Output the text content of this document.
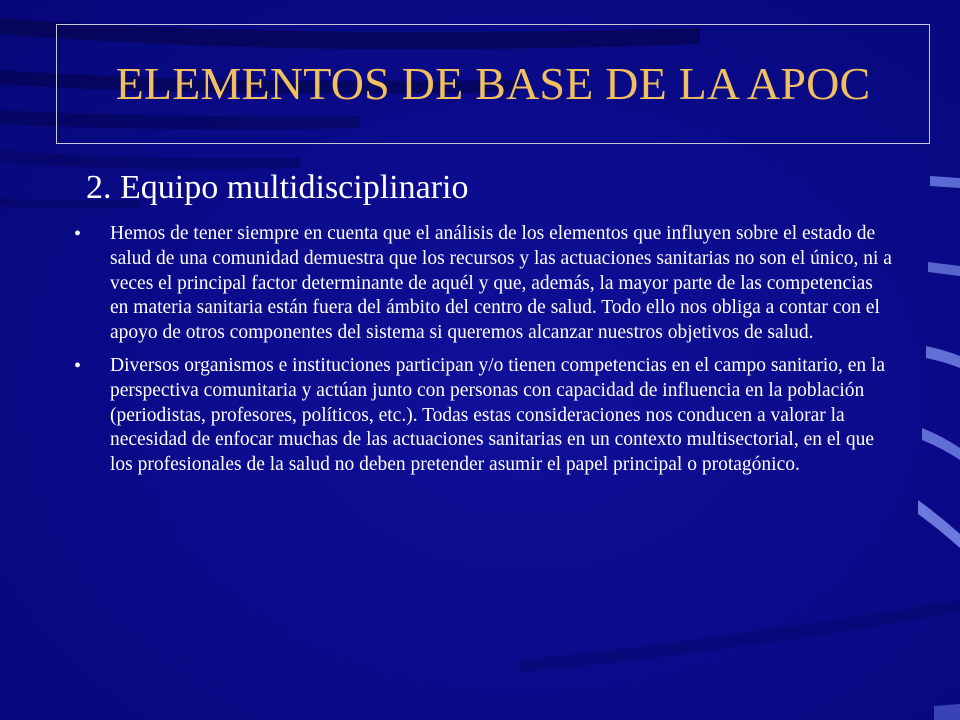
ELEMENTOS DE BASE DE LA APOC
2. Equipo multidisciplinario
• Hemos de tener siempre en cuenta que el análisis de los elementos que influyen sobre el estado de salud de una comunidad demuestra que los recursos y las actuaciones sanitarias no son el único, ni a veces el principal factor determinante de aquél y que, además, la mayor parte de las competencias en materia sanitaria están fuera del ámbito del centro de salud. Todo ello nos obliga a contar con el apoyo de otros componentes del sistema si queremos alcanzar nuestros objetivos de salud.
• Diversos organismos e instituciones participan y/o tienen competencias en el campo sanitario, en la perspectiva comunitaria y actúan junto con personas con capacidad de influencia en la población (periodistas, profesores, políticos, etc.). Todas estas consideraciones nos conducen a valorar la necesidad de enfocar muchas de las actuaciones sanitarias en un contexto multisectorial, en el que los profesionales de la salud no deben pretender asumir el papel principal o protagónico.
